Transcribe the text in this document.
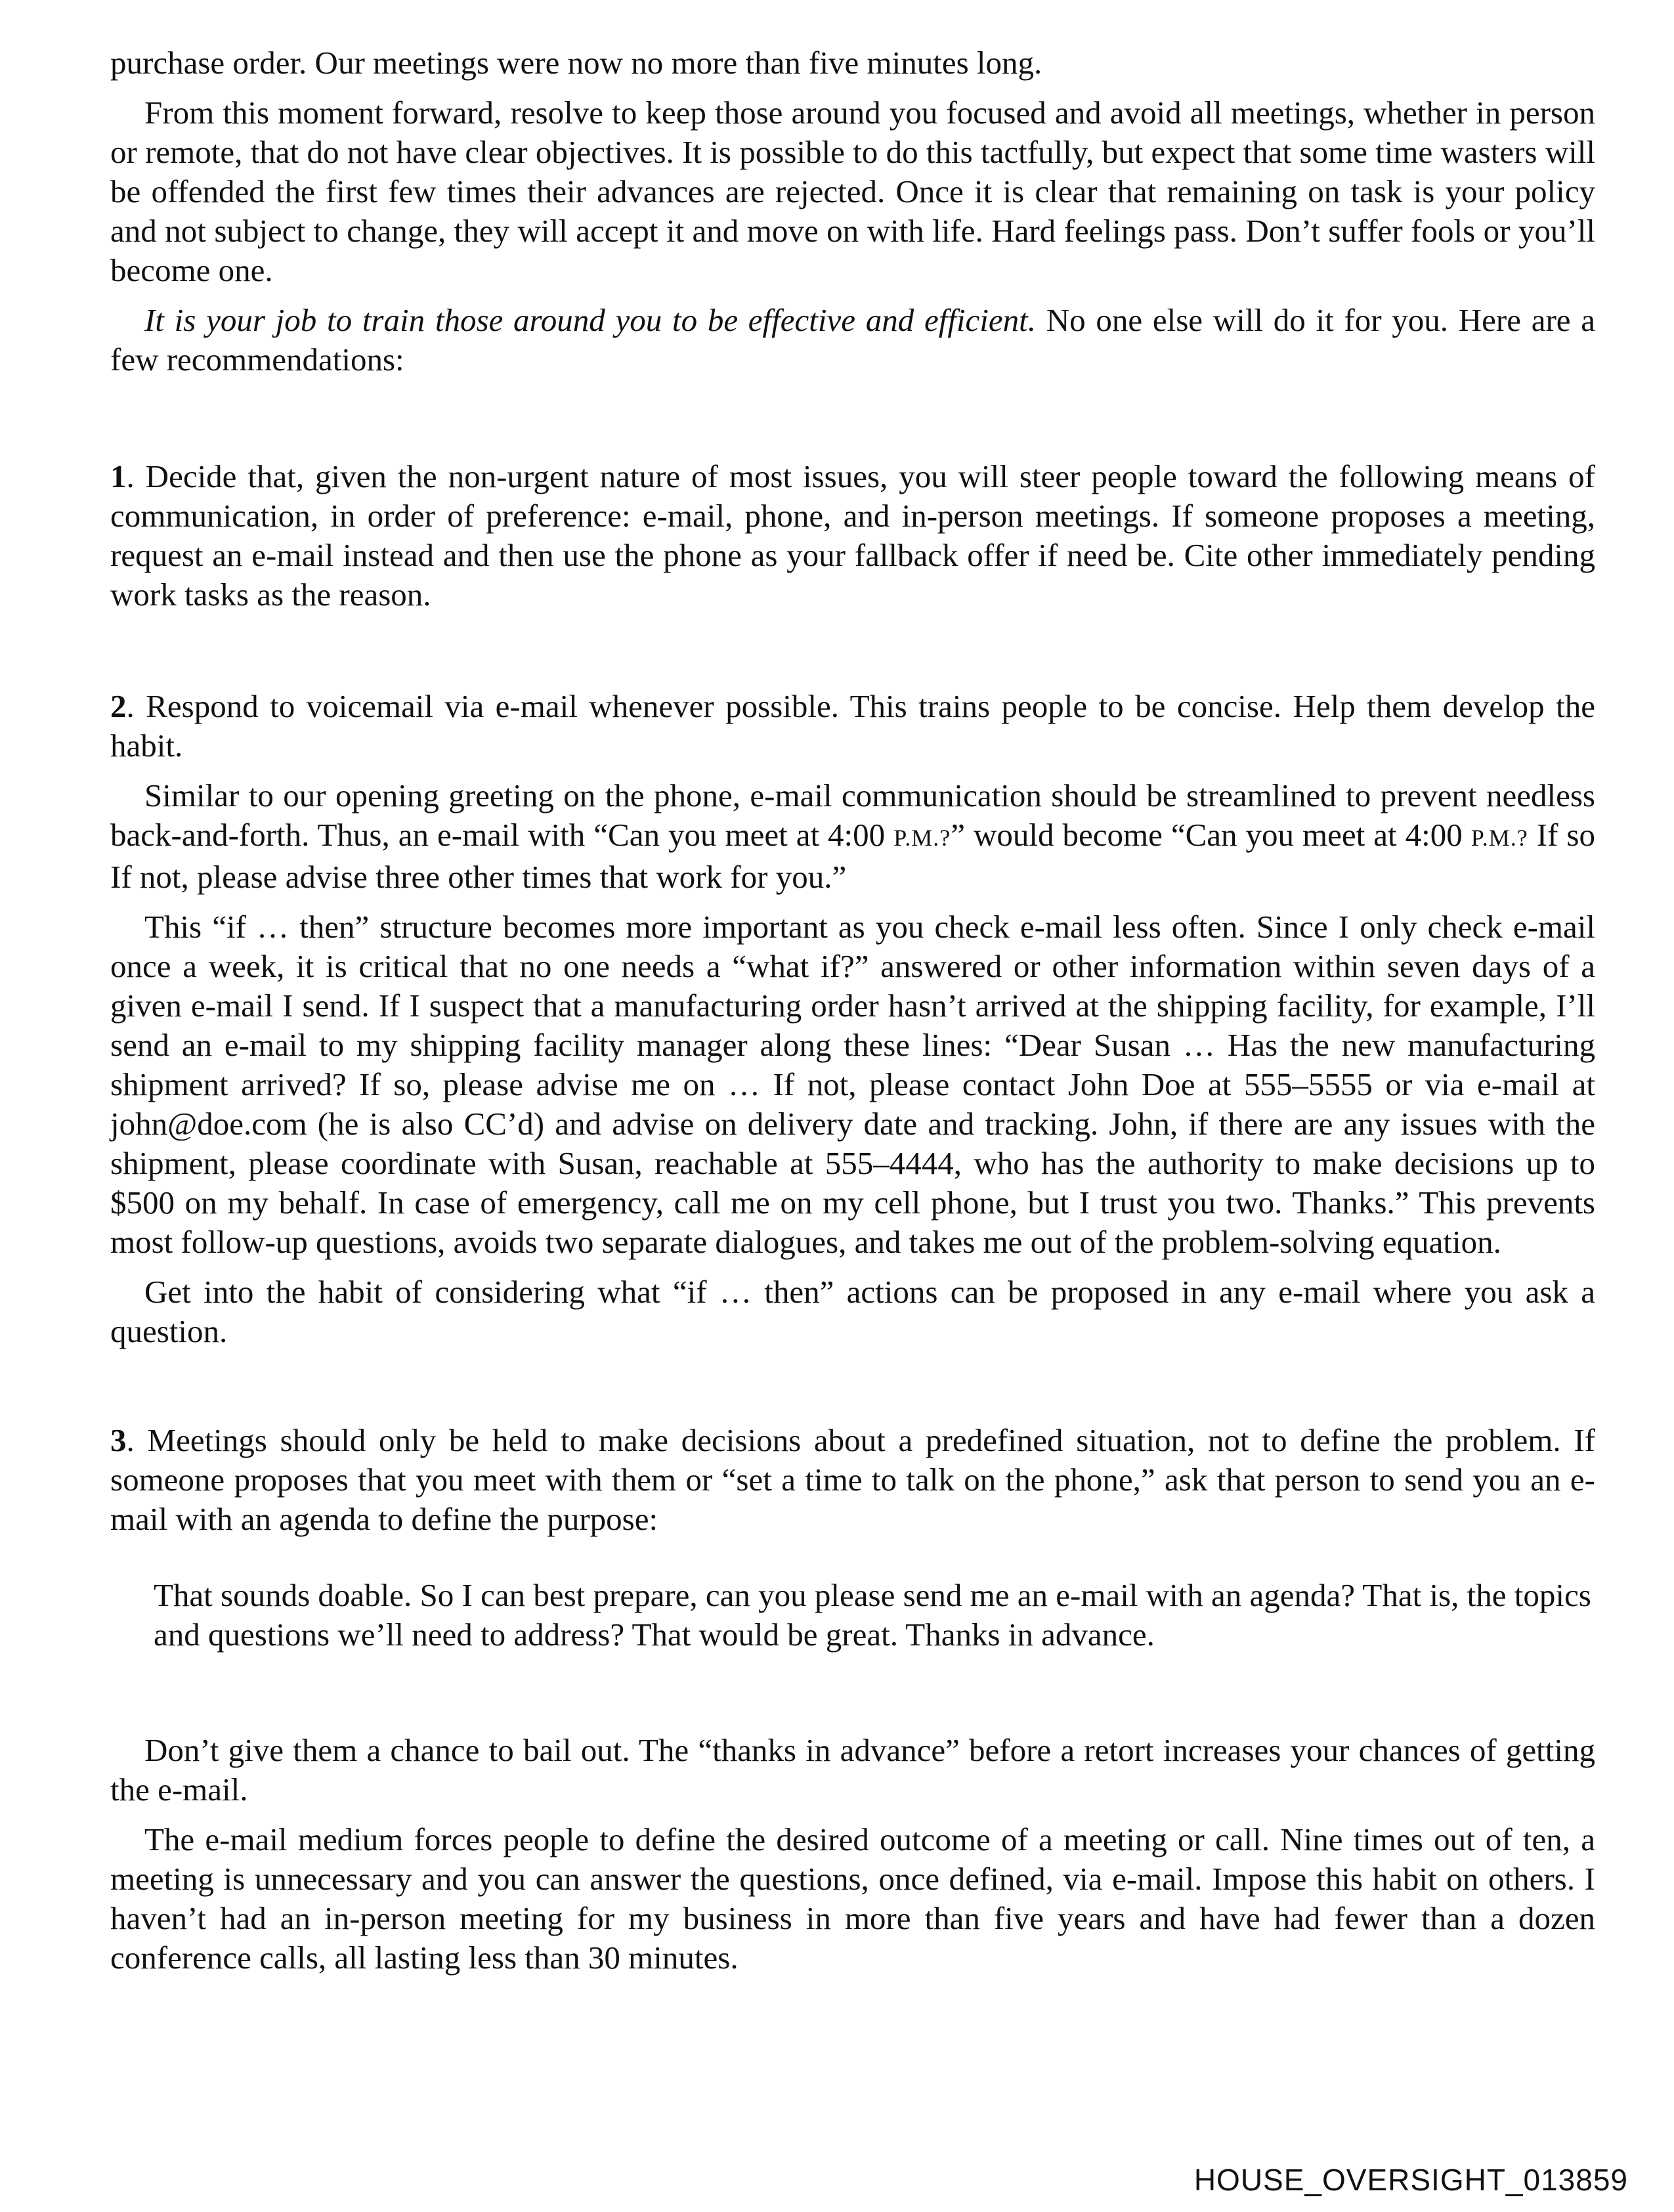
purchase order. Our meetings were now no more than five minutes long.

From this moment forward, resolve to keep those around you focused and avoid all meetings, whether in person or remote, that do not have clear objectives. It is possible to do this tactfully, but expect that some time wasters will be offended the first few times their advances are rejected. Once it is clear that remaining on task is your policy and not subject to change, they will accept it and move on with life. Hard feelings pass. Don’t suffer fools or you’ll become one.

It is your job to train those around you to be effective and efficient. No one else will do it for you. Here are a few recommendations:

1. Decide that, given the non-urgent nature of most issues, you will steer people toward the following means of communication, in order of preference: e-mail, phone, and in-person meetings. If someone proposes a meeting, request an e-mail instead and then use the phone as your fallback offer if need be. Cite other immediately pending work tasks as the reason.

2. Respond to voicemail via e-mail whenever possible. This trains people to be concise. Help them develop the habit.

Similar to our opening greeting on the phone, e-mail communication should be streamlined to prevent needless back-and-forth. Thus, an e-mail with “Can you meet at 4:00 P.M.?” would become “Can you meet at 4:00 P.M.? If so If not, please advise three other times that work for you.”

This “if … then” structure becomes more important as you check e-mail less often. Since I only check e-mail once a week, it is critical that no one needs a “what if?” answered or other information within seven days of a given e-mail I send. If I suspect that a manufacturing order hasn’t arrived at the shipping facility, for example, I’ll send an e-mail to my shipping facility manager along these lines: “Dear Susan … Has the new manufacturing shipment arrived? If so, please advise me on … If not, please contact John Doe at 555–5555 or via e-mail at john@doe.com (he is also CC’d) and advise on delivery date and tracking. John, if there are any issues with the shipment, please coordinate with Susan, reachable at 555–4444, who has the authority to make decisions up to $500 on my behalf. In case of emergency, call me on my cell phone, but I trust you two. Thanks.” This prevents most follow-up questions, avoids two separate dialogues, and takes me out of the problem-solving equation.

Get into the habit of considering what “if … then” actions can be proposed in any e-mail where you ask a question.

3. Meetings should only be held to make decisions about a predefined situation, not to define the problem. If someone proposes that you meet with them or “set a time to talk on the phone,” ask that person to send you an e-mail with an agenda to define the purpose:

That sounds doable. So I can best prepare, can you please send me an e-mail with an agenda? That is, the topics and questions we’ll need to address? That would be great. Thanks in advance.

Don’t give them a chance to bail out. The “thanks in advance” before a retort increases your chances of getting the e-mail.

The e-mail medium forces people to define the desired outcome of a meeting or call. Nine times out of ten, a meeting is unnecessary and you can answer the questions, once defined, via e-mail. Impose this habit on others. I haven’t had an in-person meeting for my business in more than five years and have had fewer than a dozen conference calls, all lasting less than 30 minutes.

HOUSE_OVERSIGHT_013859
